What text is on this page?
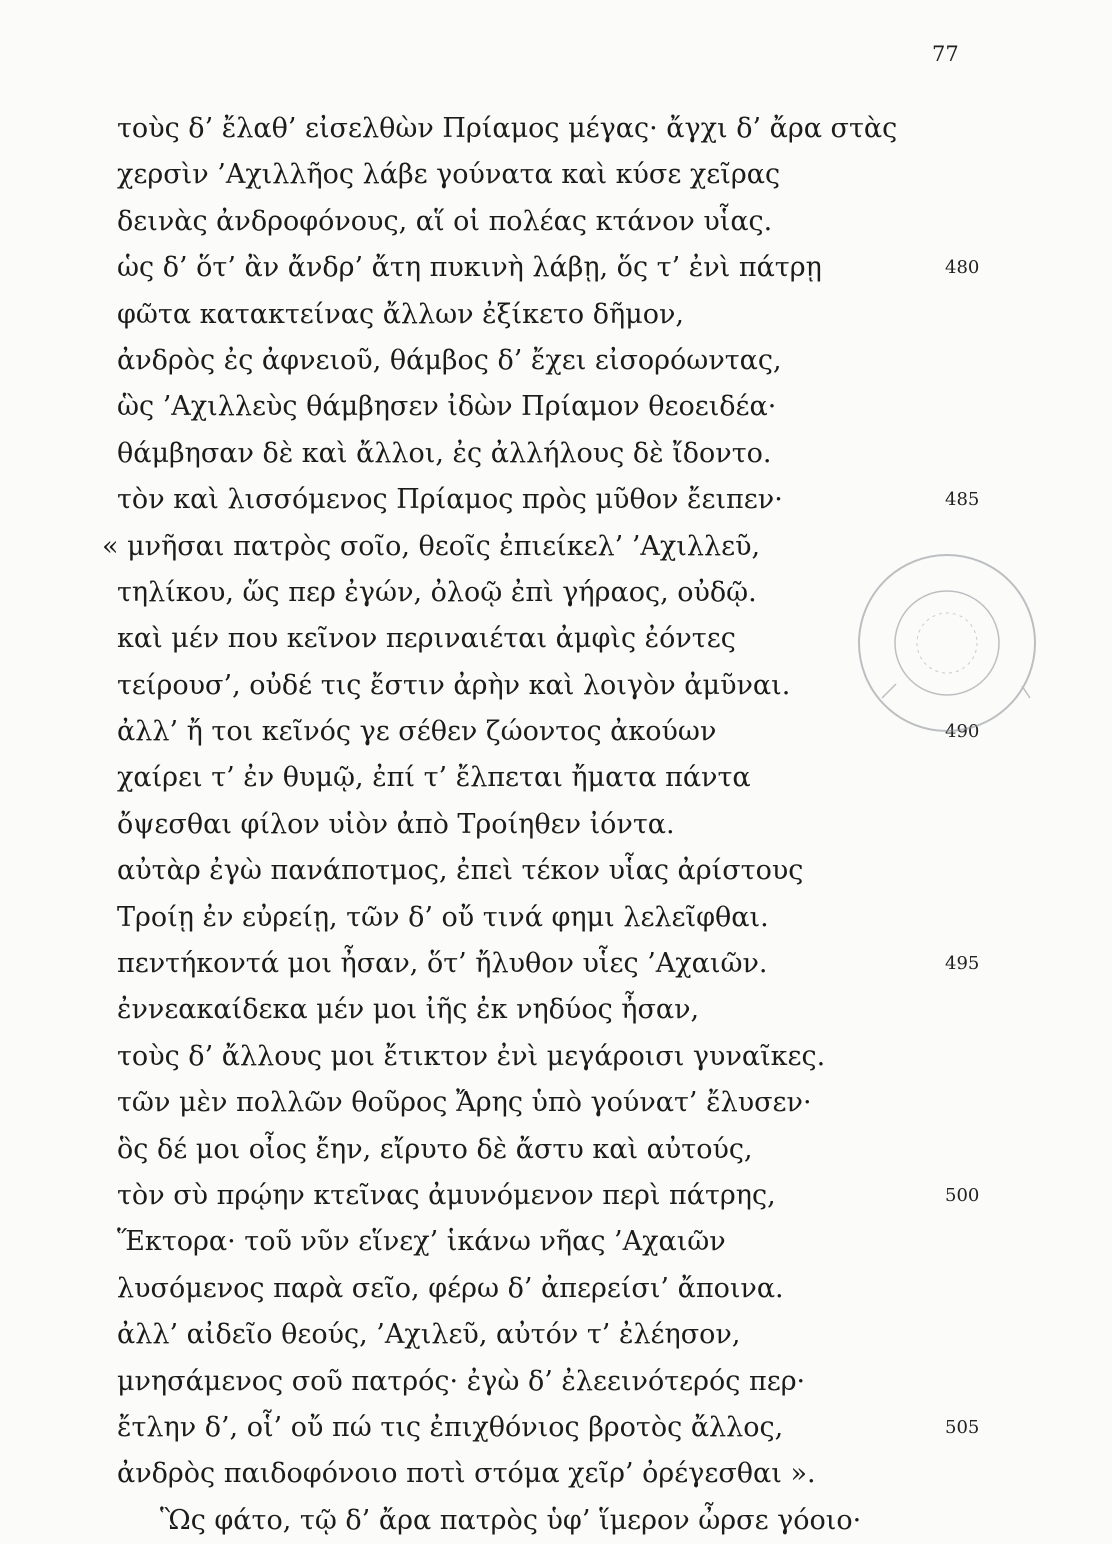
77
τοὺς δ’ ἔλαθ’ εἰσελθὼν Πρίαμος μέγας· ἄγχι δ’ ἄρα στὰς
χερσὶν ’Αχιλλῆος λάβε γούνατα καὶ κύσε χεῖρας
δεινὰς ἀνδροφόνους, αἵ οἱ πολέας κτάνον υἷας.
ὡς δ’ ὅτ’ ἂν ἄνδρ’ ἄτη πυκινὴ λάβῃ, ὅς τ’ ἐνὶ πάτρῃ	480
φῶτα κατακτείνας ἄλλων ἐξίκετο δῆμον,
ἀνδρὸς ἐς ἀφνειοῦ, θάμβος δ’ ἔχει εἰσορόωντας,
ὣς ’Αχιλλεὺς θάμβησεν ἰδὼν Πρίαμον θεοειδέα·
θάμβησαν δὲ καὶ ἄλλοι, ἐς ἀλλήλους δὲ ἴδοντο.
τὸν καὶ λισσόμενος Πρίαμος πρὸς μῦθον ἔειπεν·	485
« μνῆσαι πατρὸς σοῖο, θεοῖς ἐπιείκελ’ ’Αχιλλεῦ,
τηλίκου, ὥς περ ἐγών, ὀλοῷ ἐπὶ γήραος, οὐδῷ.
καὶ μέν που κεῖνον περιναιέται ἀμφὶς ἐόντες
τείρουσ’, οὐδέ τις ἔστιν ἀρὴν καὶ λοιγὸν ἀμῦναι.
ἀλλ’ ἤ τοι κεῖνός γε σέθεν ζώοντος ἀκούων	490
χαίρει τ’ ἐν θυμῷ, ἐπί τ’ ἔλπεται ἤματα πάντα
ὄψεσθαι φίλον υἱὸν ἀπὸ Τροίηθεν ἰόντα.
αὐτὰρ ἐγὼ πανάποτμος, ἐπεὶ τέκον υἷας ἀρίστους
Τροίῃ ἐν εὐρείῃ, τῶν δ’ οὔ τινά φημι λελεῖφθαι.
πεντήκοντά μοι ἦσαν, ὅτ’ ἤλυθον υἷες ’Αχαιῶν.	495
ἐννεακαίδεκα μέν μοι ἰῆς ἐκ νηδύος ἦσαν,
τοὺς δ’ ἄλλους μοι ἔτικτον ἐνὶ μεγάροισι γυναῖκες.
τῶν μὲν πολλῶν θοῦρος Ἄρης ὑπὸ γούνατ’ ἔλυσεν·
ὃς δέ μοι οἶος ἔην, εἴρυτο δὲ ἄστυ καὶ αὐτούς,
τὸν σὺ πρῴην κτεῖνας ἀμυνόμενον περὶ πάτρης,	500
Ἕκτορα· τοῦ νῦν εἵνεχ’ ἱκάνω νῆας ’Αχαιῶν
λυσόμενος παρὰ σεῖο, φέρω δ’ ἀπερείσι’ ἄποινα.
ἀλλ’ αἰδεῖο θεούς, ’Αχιλεῦ, αὐτόν τ’ ἐλέησον,
μνησάμενος σοῦ πατρός· ἐγὼ δ’ ἐλεεινότερός περ·
ἔτλην δ’, οἷ’ οὔ πώ τις ἐπιχθόνιος βροτὸς ἄλλος,	505
ἀνδρὸς παιδοφόνοιο ποτὶ στόμα χεῖρ’ ὀρέγεσθαι ».
Ὣς φάτο, τῷ δ’ ἄρα πατρὸς ὑφ’ ἵμερον ὦρσε γόοιο·
